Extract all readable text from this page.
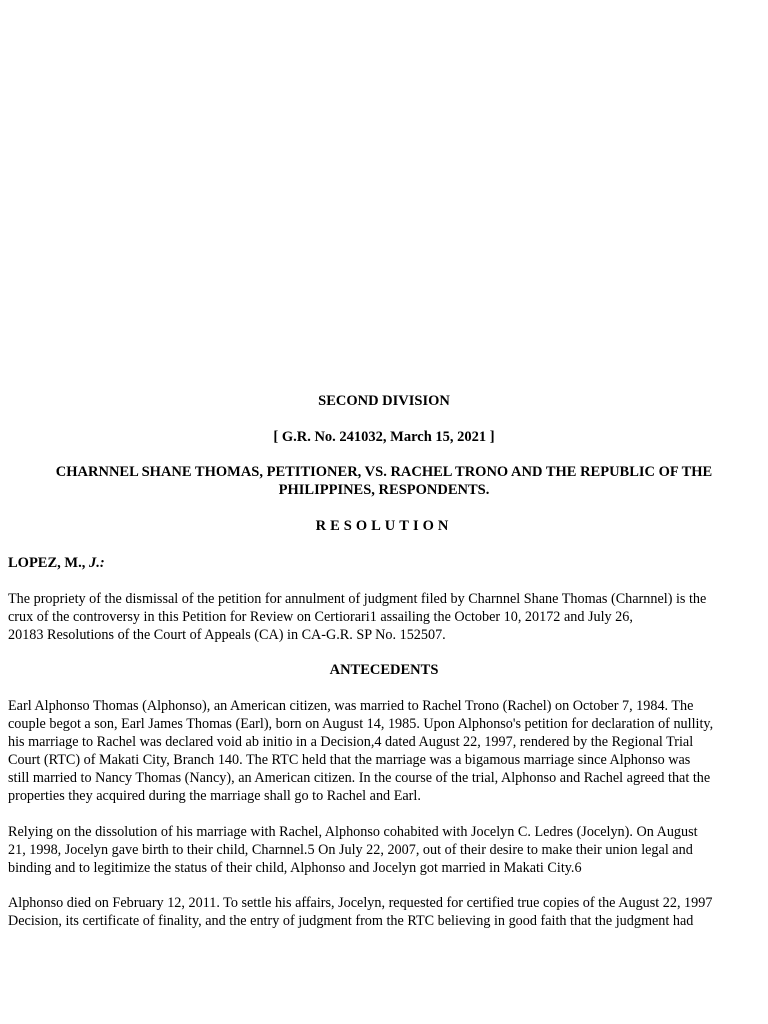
SECOND DIVISION
[ G.R. No. 241032, March 15, 2021 ]
CHARNNEL SHANE THOMAS, PETITIONER, VS. RACHEL TRONO AND THE REPUBLIC OF THE
PHILIPPINES, RESPONDENTS.
RESOLUTION
LOPEZ, M., J.:
The propriety of the dismissal of the petition for annulment of judgment filed by Charnnel Shane Thomas (Charnnel) is the
crux of the controversy in this Petition for Review on Certiorari1 assailing the October 10, 20172 and July 26,
20183 Resolutions of the Court of Appeals (CA) in CA-G.R. SP No. 152507.
ANTECEDENTS
Earl Alphonso Thomas (Alphonso), an American citizen, was married to Rachel Trono (Rachel) on October 7, 1984. The
couple begot a son, Earl James Thomas (Earl), born on August 14, 1985. Upon Alphonso's petition for declaration of nullity,
his marriage to Rachel was declared void ab initio in a Decision,4 dated August 22, 1997, rendered by the Regional Trial
Court (RTC) of Makati City, Branch 140. The RTC held that the marriage was a bigamous marriage since Alphonso was
still married to Nancy Thomas (Nancy), an American citizen. In the course of the trial, Alphonso and Rachel agreed that the
properties they acquired during the marriage shall go to Rachel and Earl.
Relying on the dissolution of his marriage with Rachel, Alphonso cohabited with Jocelyn C. Ledres (Jocelyn). On August
21, 1998, Jocelyn gave birth to their child, Charnnel.5 On July 22, 2007, out of their desire to make their union legal and
binding and to legitimize the status of their child, Alphonso and Jocelyn got married in Makati City.6
Alphonso died on February 12, 2011. To settle his affairs, Jocelyn, requested for certified true copies of the August 22, 1997
Decision, its certificate of finality, and the entry of judgment from the RTC believing in good faith that the judgment had
